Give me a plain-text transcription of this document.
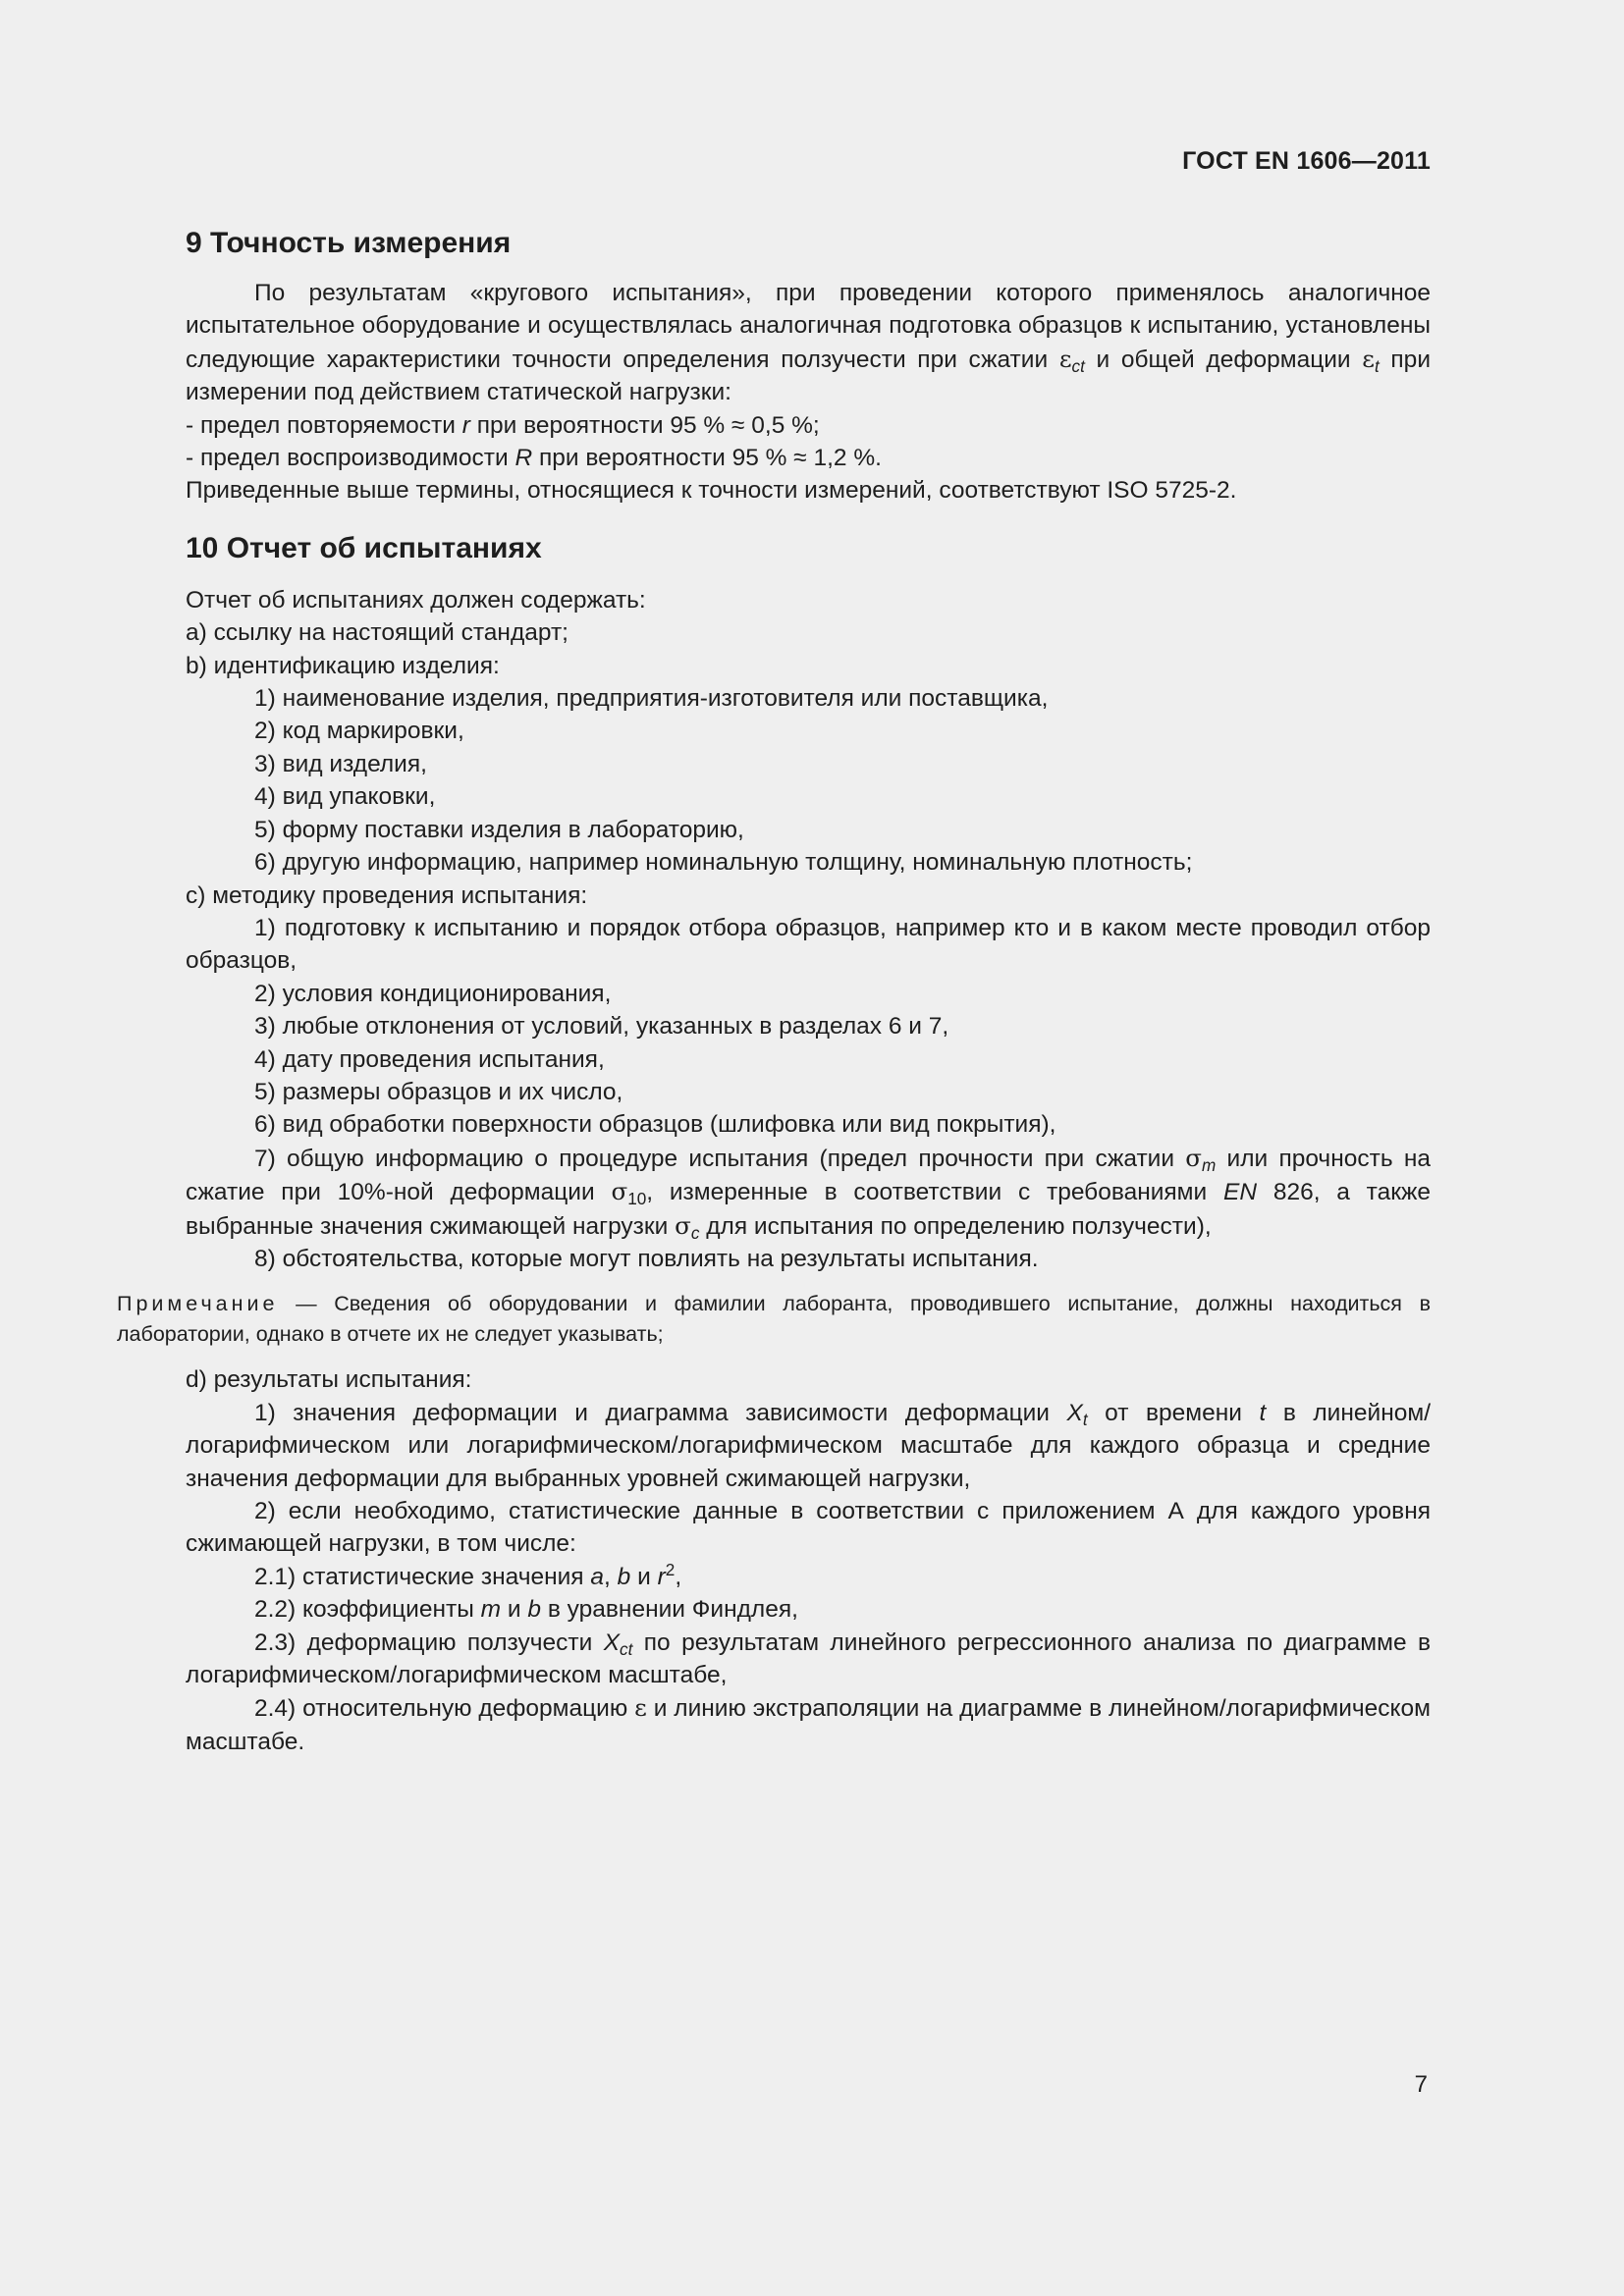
ГОСТ EN 1606—2011
9 Точность измерения

По результатам «кругового испытания», при проведении которого применялось аналогичное испытательное оборудование и осуществлялась аналогичная подготовка образцов к испытанию, установлены следующие характеристики точности определения ползучести при сжатии $\varepsilon_{ct}$ и общей деформации $\varepsilon_t$ при измерении под действием статической нагрузки:

- предел повторяемости r при вероятности 95 % ≈ 0,5 %;

- предел воспроизводимости R при вероятности 95 % ≈ 1,2 %.

Приведенные выше термины, относящиеся к точности измерений, соответствуют ISO 5725-2.

10 Отчет об испытаниях

Отчет об испытаниях должен содержать:

a) ссылку на настоящий стандарт;

b) идентификацию изделия:

1) наименование изделия, предприятия-изготовителя или поставщика,

2) код маркировки,

3) вид изделия,

4) вид упаковки,

5) форму поставки изделия в лабораторию,

6) другую информацию, например номинальную толщину, номинальную плотность;

c) методику проведения испытания:

1) подготовку к испытанию и порядок отбора образцов, например кто и в каком месте проводил отбор образцов,

2) условия кондиционирования,

3) любые отклонения от условий, указанных в разделах 6 и 7,

4) дату проведения испытания,

5) размеры образцов и их число,

6) вид обработки поверхности образцов (шлифовка или вид покрытия),

7) общую информацию о процедуре испытания (предел прочности при сжатии $\sigma_m$ или прочность на сжатие при 10%-ной деформации $\sigma_{10}$, измеренные в соответствии с требованиями EN 826, а также выбранные значения сжимающей нагрузки $\sigma_c$ для испытания по определению ползучести),

8) обстоятельства, которые могут повлиять на результаты испытания.

Примечание — Сведения об оборудовании и фамилии лаборанта, проводившего испытание, должны находиться в лаборатории, однако в отчете их не следует указывать;

d) результаты испытания:

1) значения деформации и диаграмма зависимости деформации $X_t$ от времени t в линейном/логарифмическом или логарифмическом/логарифмическом масштабе для каждого образца и средние значения деформации для выбранных уровней сжимающей нагрузки,

2) если необходимо, статистические данные в соответствии с приложением А для каждого уровня сжимающей нагрузки, в том числе:

2.1) статистические значения a, b и $r^2$,

2.2) коэффициенты m и b в уравнении Финдлея,

2.3) деформацию ползучести $X_{ct}$ по результатам линейного регрессионного анализа по диаграмме в логарифмическом/логарифмическом масштабе,

2.4) относительную деформацию ε и линию экстраполяции на диаграмме в линейном/логарифмическом масштабе.

7
